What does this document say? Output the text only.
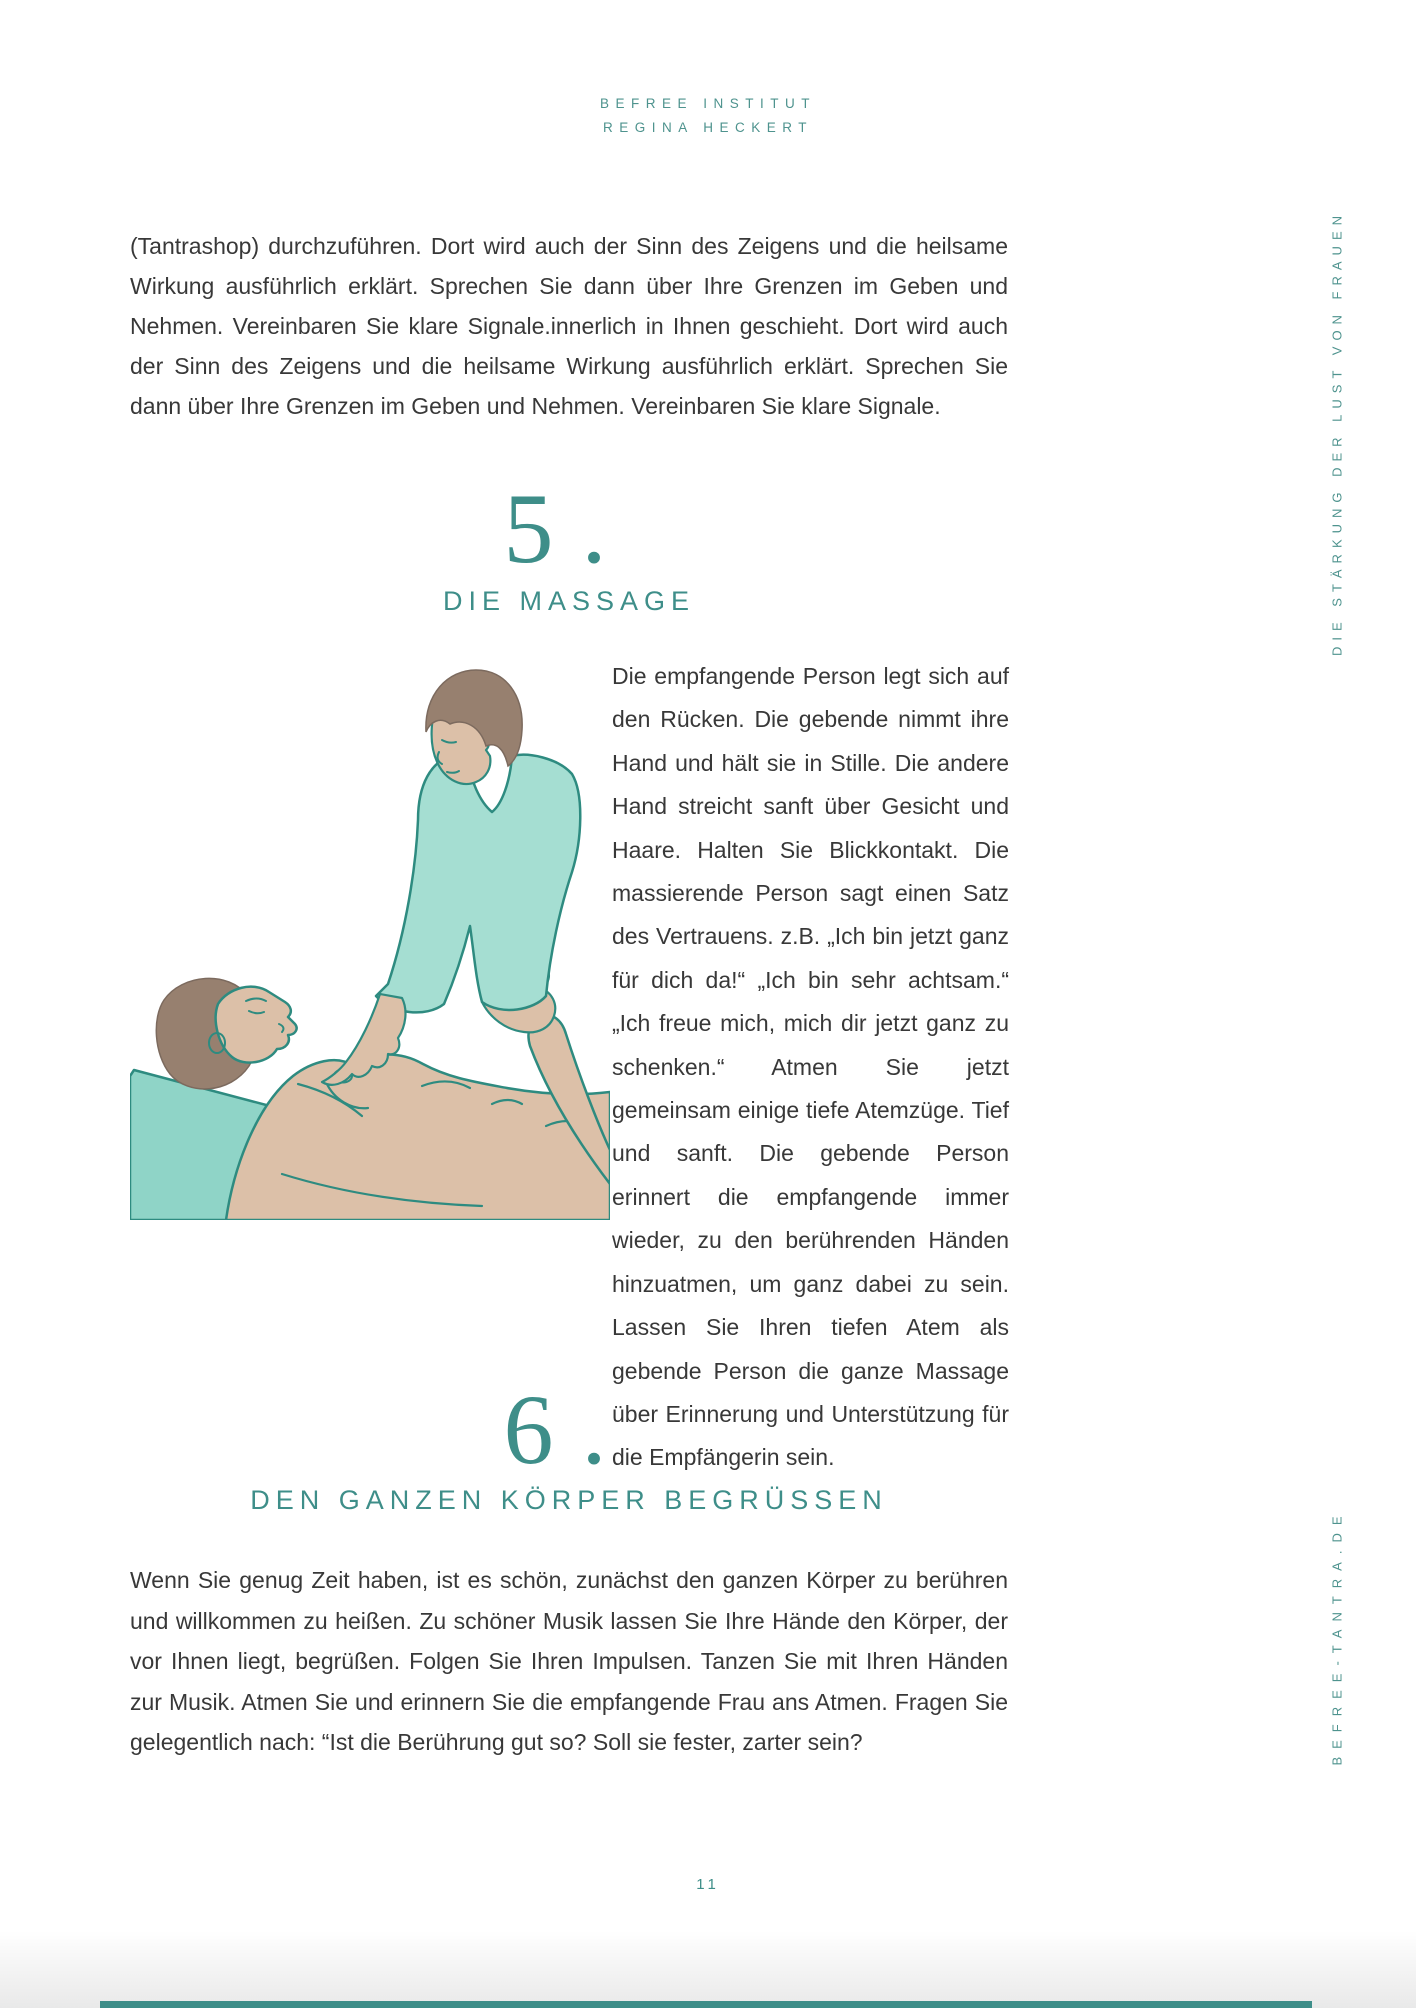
BEFREE INSTITUT
REGINA HECKERT

(Tantrashop) durchzuführen. Dort wird auch der Sinn des Zeigens und die heilsame Wirkung ausführlich erklärt. Sprechen Sie dann über Ihre Grenzen im Geben und Nehmen. Vereinbaren Sie klare Signale.innerlich in Ihnen geschieht. Dort wird auch der Sinn des Zeigens und die heilsame Wirkung ausführlich erklärt. Sprechen Sie dann über Ihre Grenzen im Geben und Nehmen. Vereinbaren Sie klare Signale.

5.
DIE MASSAGE
Die empfangende Person legt sich auf den Rücken. Die gebende nimmt ihre Hand und hält sie in Stille. Die andere Hand streicht sanft über Gesicht und Haare. Halten Sie Blickkontakt. Die massierende Person sagt einen Satz des Vertrauens. z.B. „Ich bin jetzt ganz für dich da!“ „Ich bin sehr achtsam.“ „Ich freue mich, mich dir jetzt ganz zu schenken.“ Atmen Sie jetzt gemeinsam einige tiefe Atemzüge. Tief und sanft. Die gebende Person erinnert die empfangende immer wieder, zu den berührenden Händen hinzuatmen, um ganz dabei zu sein. Lassen Sie Ihren tiefen Atem als gebende Person die ganze Massage über Erinnerung und Unterstützung für die Empfängerin sein.
6.
DEN GANZEN KÖRPER BEGRÜSSEN

Wenn Sie genug Zeit haben, ist es schön, zunächst den ganzen Körper zu berühren und willkommen zu heißen. Zu schöner Musik lassen Sie Ihre Hände den Körper, der vor Ihnen liegt, begrüßen. Folgen Sie Ihren Impulsen. Tanzen Sie mit Ihren Händen zur Musik. Atmen Sie und erinnern Sie die empfangende Frau ans Atmen. Fragen Sie gelegentlich nach: “Ist die Berührung gut so? Soll sie fester, zarter sein?

DIE STÄRKUNG DER LUST VON FRAUEN
BEFREE-TANTRA.DE
11
